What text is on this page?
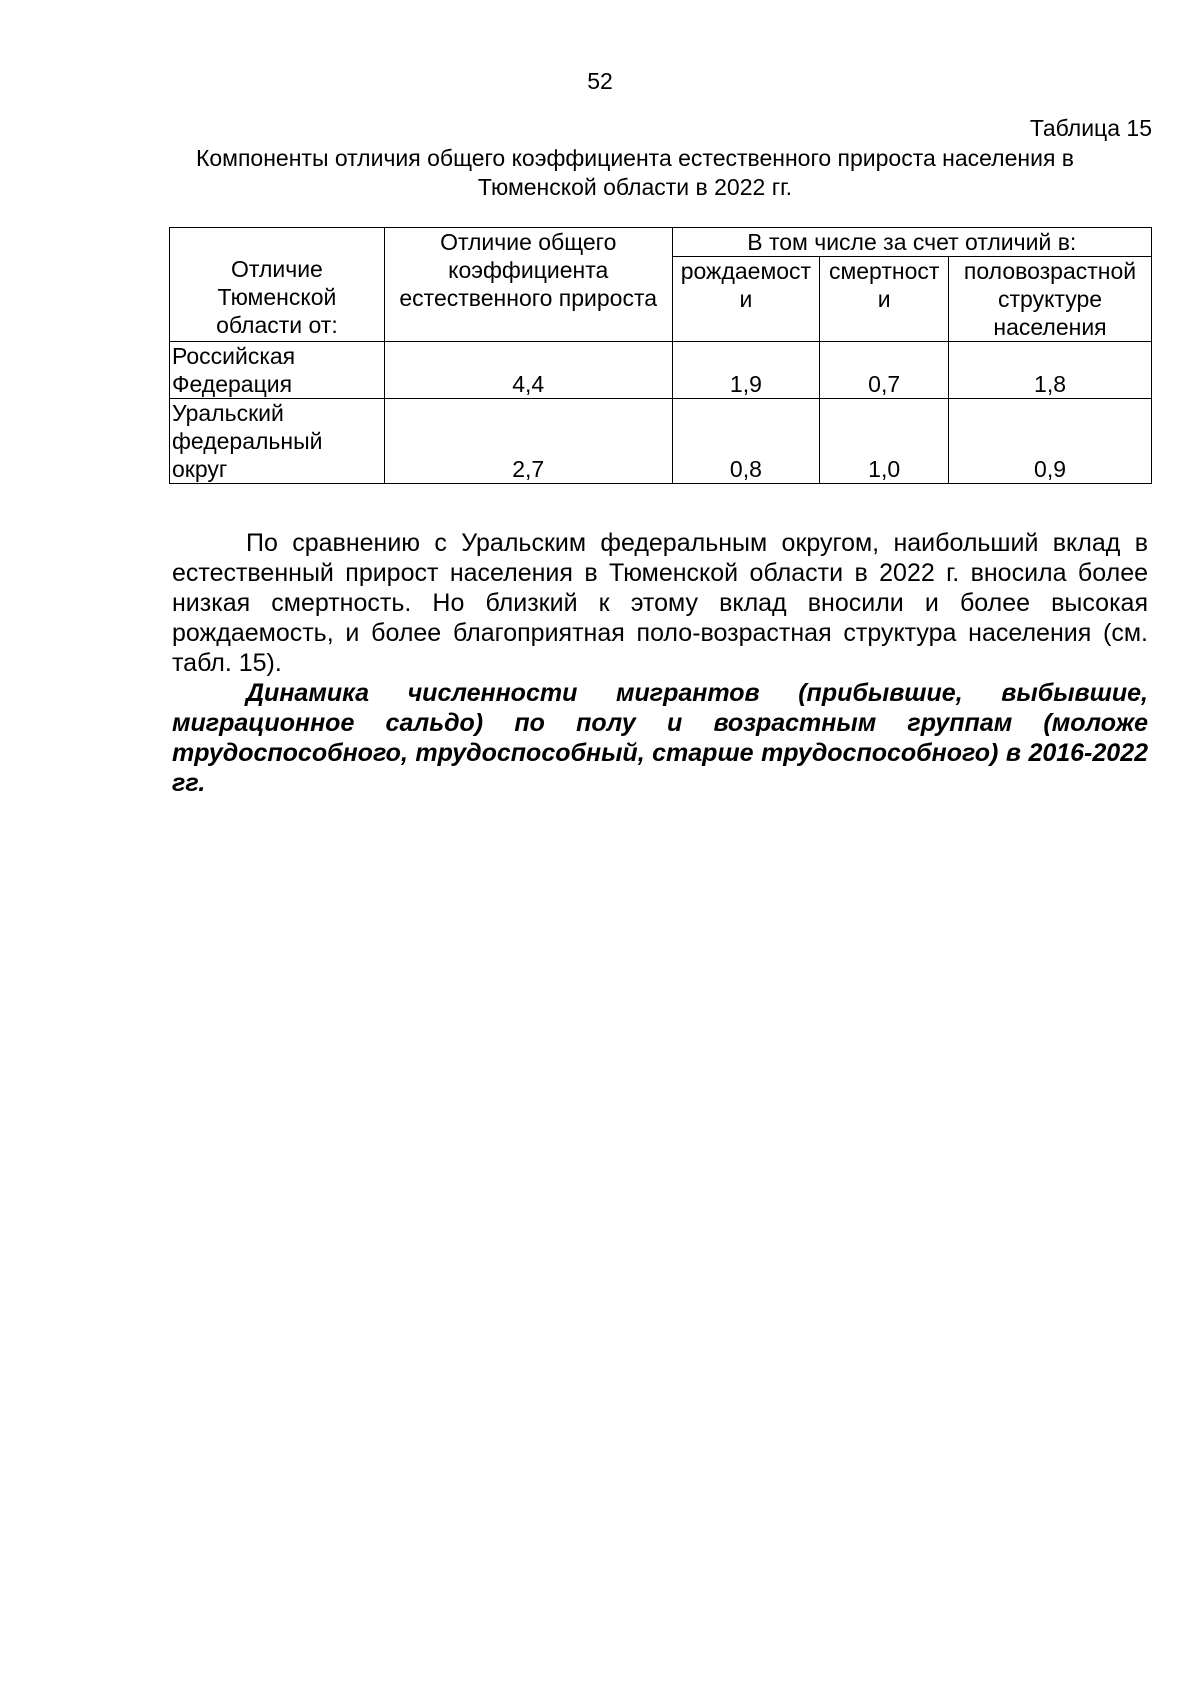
52
Таблица 15
Компоненты отличия общего коэффициента естественного прироста населения в Тюменской области в 2022 гг.
Отличие Тюменской области от:	Отличие общего коэффициента естественного прироста	В том числе за счет отличий в:		
		рождаемости	смертности	половозрастной структуре населения
Российская Федерация	4,4	1,9	0,7	1,8

Уральский федеральный округ	2,7	0,8	1,0	0,9

По сравнению с Уральским федеральным округом, наибольший вклад в естественный прирост населения в Тюменской области в 2022 г. вносила более низкая смертность. Но близкий к этому вклад вносили и более высокая рождаемость, и более благоприятная поло-возрастная структура населения (см. табл. 15).

Динамика численности мигрантов (прибывшие, выбывшие, миграционное сальдо) по полу и возрастным группам (моложе трудоспособного, трудоспособный, старше трудоспособного) в 2016-2022 гг.
